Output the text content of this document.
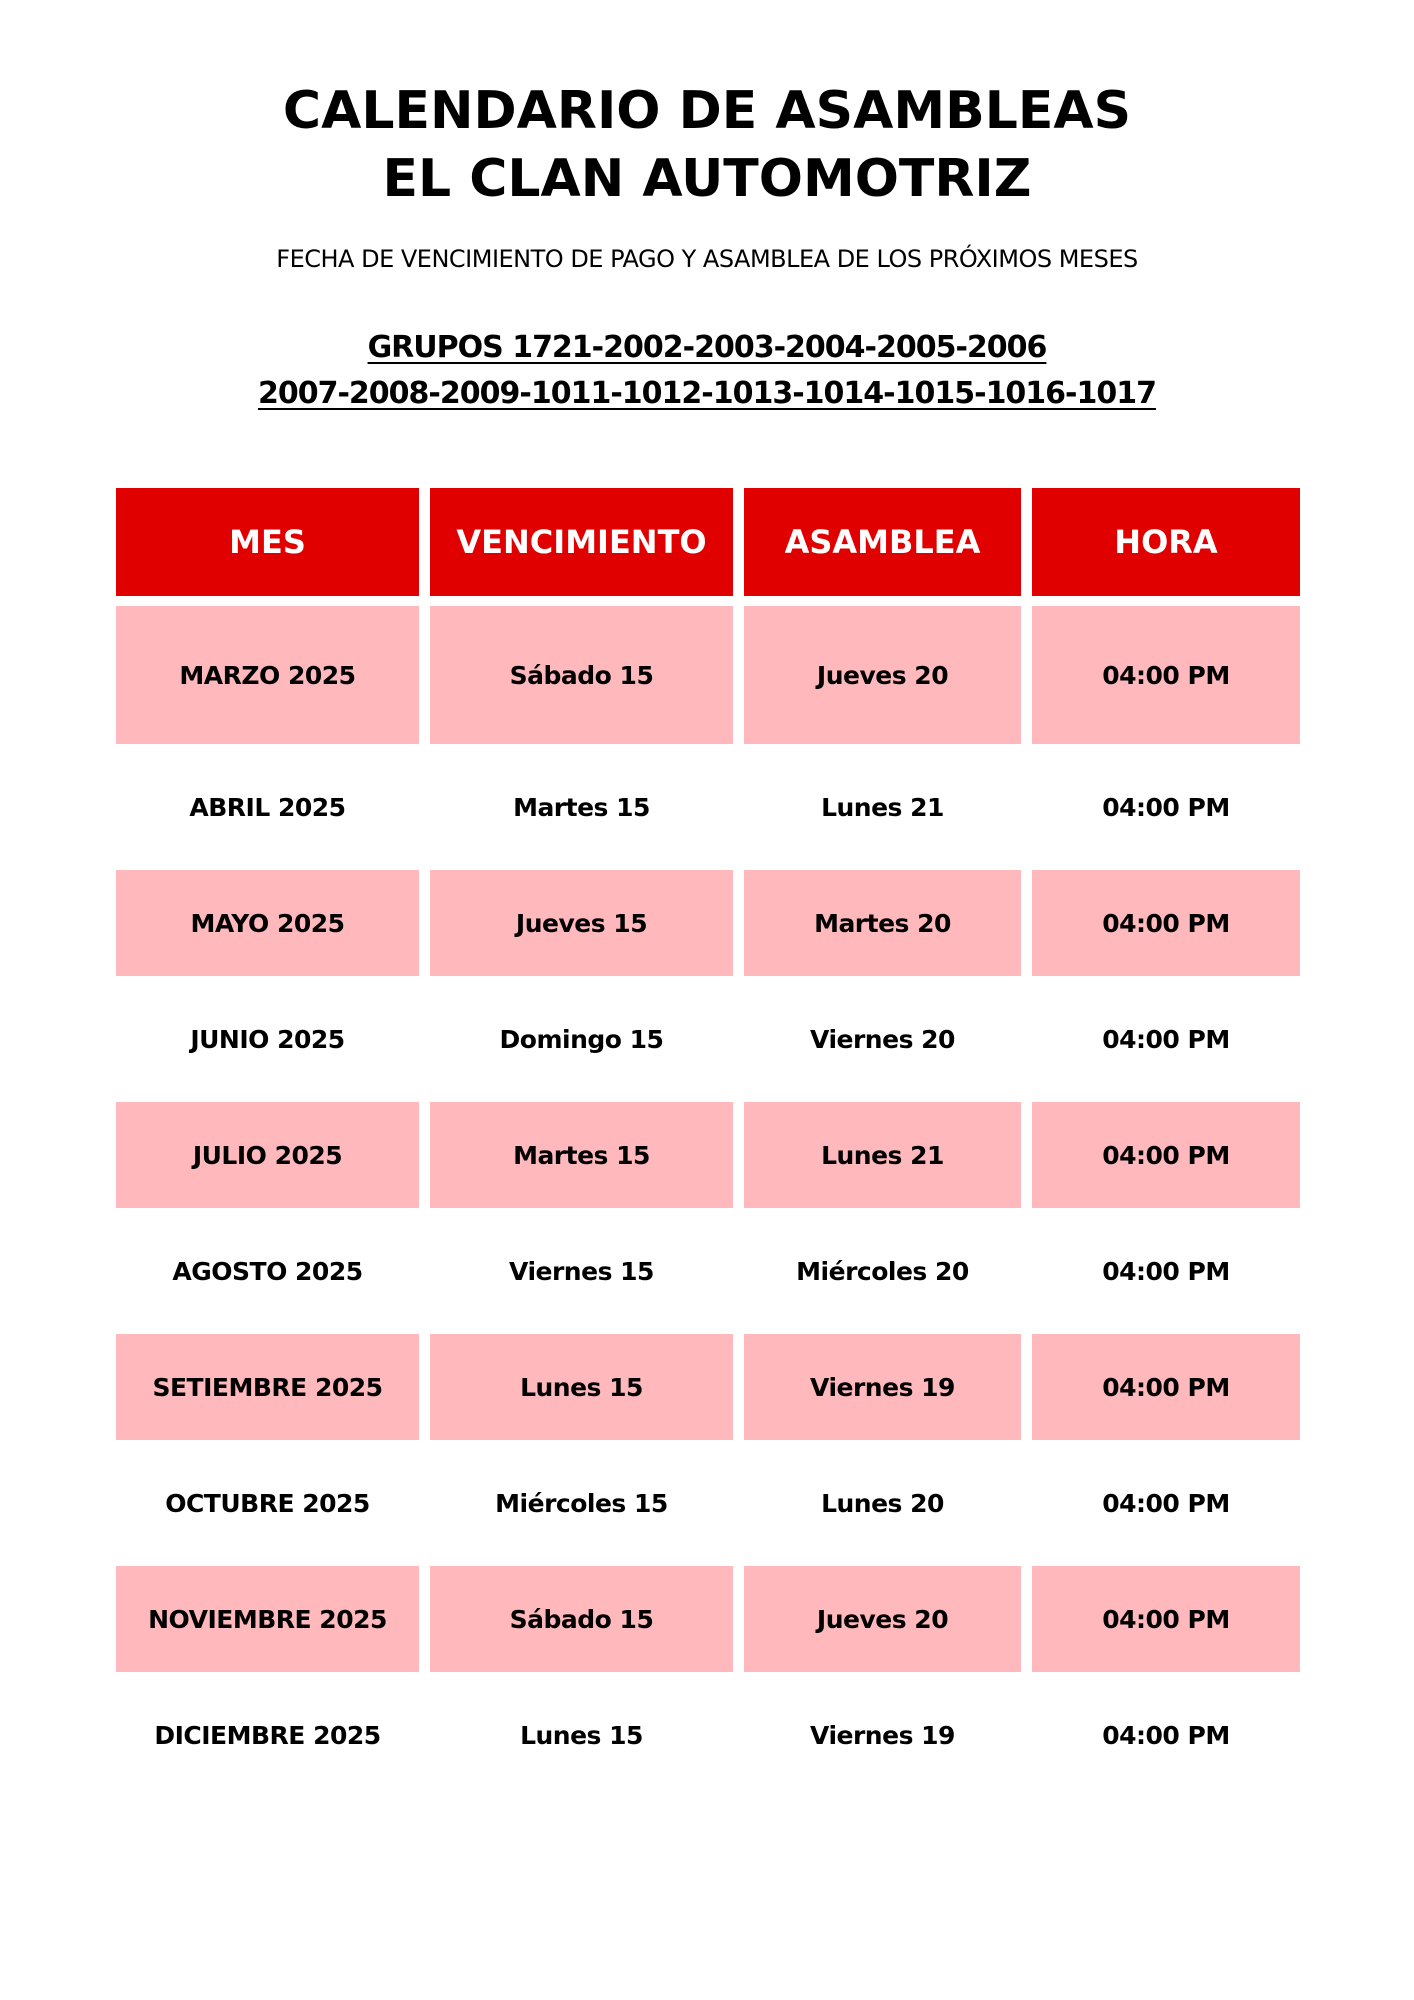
CALENDARIO DE ASAMBLEAS
EL CLAN AUTOMOTRIZ
FECHA DE VENCIMIENTO DE PAGO Y ASAMBLEA DE LOS PRÓXIMOS MESES
GRUPOS 1721-2002-2003-2004-2005-2006
2007-2008-2009-1011-1012-1013-1014-1015-1016-1017
MES	VENCIMIENTO	ASAMBLEA	HORA
MARZO 2025	Sábado 15	Jueves 20	04:00 PM
ABRIL 2025	Martes 15	Lunes 21	04:00 PM
MAYO 2025	Jueves 15	Martes 20	04:00 PM
JUNIO 2025	Domingo 15	Viernes 20	04:00 PM
JULIO 2025	Martes 15	Lunes 21	04:00 PM
AGOSTO 2025	Viernes 15	Miércoles 20	04:00 PM
SETIEMBRE 2025	Lunes 15	Viernes 19	04:00 PM
OCTUBRE 2025	Miércoles 15	Lunes 20	04:00 PM
NOVIEMBRE 2025	Sábado 15	Jueves 20	04:00 PM
DICIEMBRE 2025	Lunes 15	Viernes 19	04:00 PM
